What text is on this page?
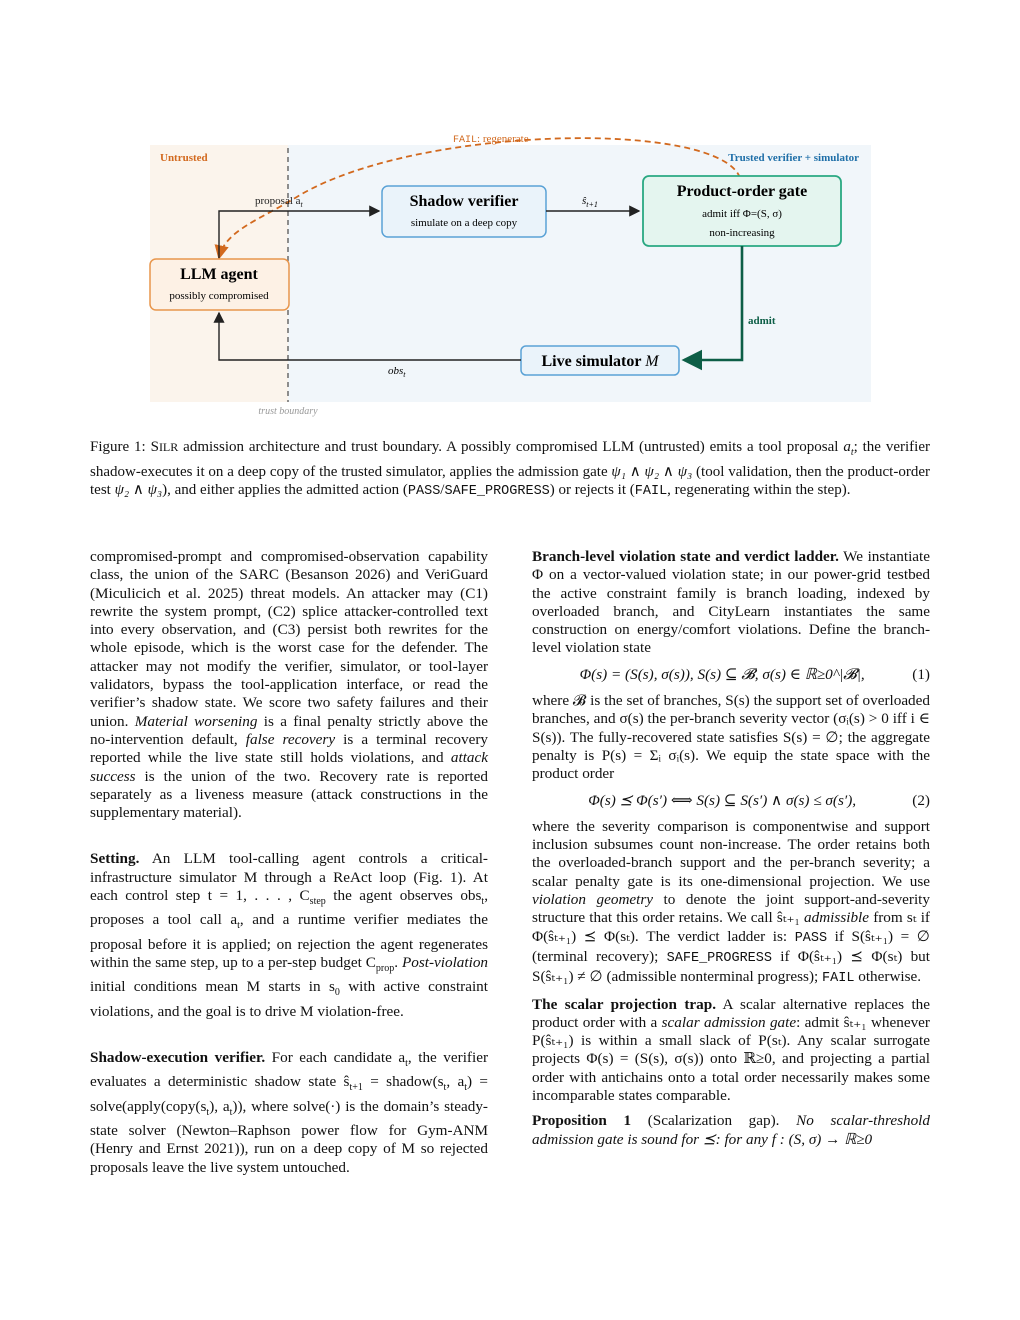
Untrusted	Trusted verifier + simulator
FAIL: regenerate
proposal $a_t$	Shadow verifier
simulate on a deep copy
$ŝ_{t+1}$
Product-order gate
admit iff Φ=(S, σ)
non-increasing
admit
Live simulator M
obs$_t$
LLM agent
possibly compromised
trust boundary
Figure 1: SILR admission architecture and trust boundary. A possibly compromised LLM (untrusted) emits a tool proposal $a_t$; the verifier shadow-executes it on a deep copy of the trusted simulator, applies the admission gate ψ₁ ∧ ψ₂ ∧ ψ₃ (tool validation, then the product-order test ψ₂ ∧ ψ₃), and either applies the admitted action (PASS/SAFE_PROGRESS) or rejects it (FAIL, regenerating within the step).

compromised-prompt and compromised-observation capability class, the union of the SARC (Besanson 2026) and VeriGuard (Miculicich et al. 2025) threat models. An attacker may (C1) rewrite the system prompt, (C2) splice attacker-controlled text into every observation, and (C3) persist both rewrites for the whole episode, which is the worst case for the defender. The attacker may not modify the verifier, simulator, or tool-layer validators, bypass the tool-application interface, or read the verifier’s shadow state. We score two safety failures and their union. Material worsening is a final penalty strictly above the no-intervention default, false recovery is a terminal recovery reported while the live state still holds violations, and attack success is the union of the two. Recovery rate is reported separately as a liveness measure (attack constructions in the supplementary material).

Setting. An LLM tool-calling agent controls a critical-infrastructure simulator M through a ReAct loop (Fig. 1). At each control step t = 1, . . . , $C_{step}$ the agent observes obs$_t$, proposes a tool call $a_t$, and a runtime verifier mediates the proposal before it is applied; on rejection the agent regenerates within the same step, up to a per-step budget $C_{prop}$. Post-violation initial conditions mean M starts in $s_0$ with active constraint violations, and the goal is to drive M violation-free.

Shadow-execution verifier. For each candidate $a_t$, the verifier evaluates a deterministic shadow state $ŝ_{t+1}$ = $shadow(s_t$, $a_t$) = $solve(apply(copy(s_t)$, $a_t$)), where solve(·) is the domain’s steady-state solver (Newton–Raphson power flow for Gym-ANM (Henry and Ernst 2021)), run on a deep copy of M so rejected proposals leave the live system untouched.

Branch-level violation state and verdict ladder. We instantiate Φ on a vector-valued violation state; in our power-grid testbed the active constraint family is branch loading, indexed by overloaded branch, and CityLearn instantiates the same construction on energy/comfort violations. Define the branch-level violation state

Φ(s) = (S(s), σ(s)), S(s) ⊆ 𝓑, σ(s) ∈ ℝ≥0^|𝓑|,	(1)

where 𝓑 is the set of branches, S(s) the support set of overloaded branches, and σ(s) the per-branch severity vector (σᵢ(s) > 0 iff i ∈ S(s)). The fully-recovered state satisfies S(s) = ∅; the aggregate penalty is P(s) = Σᵢ σᵢ(s). We equip the state space with the product order

Φ(s) ⪯ Φ(s′) ⟺ S(s) ⊆ S(s′) ∧ σ(s) ≤ σ(s′),	(2)

where the severity comparison is componentwise and support inclusion subsumes count non-increase. The order retains both the overloaded-branch support and the per-branch severity; a scalar penalty gate is its one-dimensional projection. We use violation geometry to denote the joint support-and-severity structure that this order retains. We call ŝₜ₊₁ admissible from sₜ if Φ(ŝₜ₊₁) ⪯ Φ(sₜ). The verdict ladder is: PASS if S(ŝₜ₊₁) = ∅ (terminal recovery); SAFE_PROGRESS if Φ(ŝₜ₊₁) ⪯ Φ(sₜ) but S(ŝₜ₊₁) ≠ ∅ (admissible nonterminal progress); FAIL otherwise.

The scalar projection trap. A scalar alternative replaces the product order with a scalar admission gate: admit ŝₜ₊₁ whenever P(ŝₜ₊₁) is within a small slack of P(sₜ). Any scalar surrogate projects Φ(s) = (S(s), σ(s)) onto ℝ≥0, and projecting a partial order with antichains onto a total order necessarily makes some incomparable states comparable.

Proposition 1 (Scalarization gap). No scalar-threshold admission gate is sound for ⪯: for any f : (S, σ) → ℝ≥0
